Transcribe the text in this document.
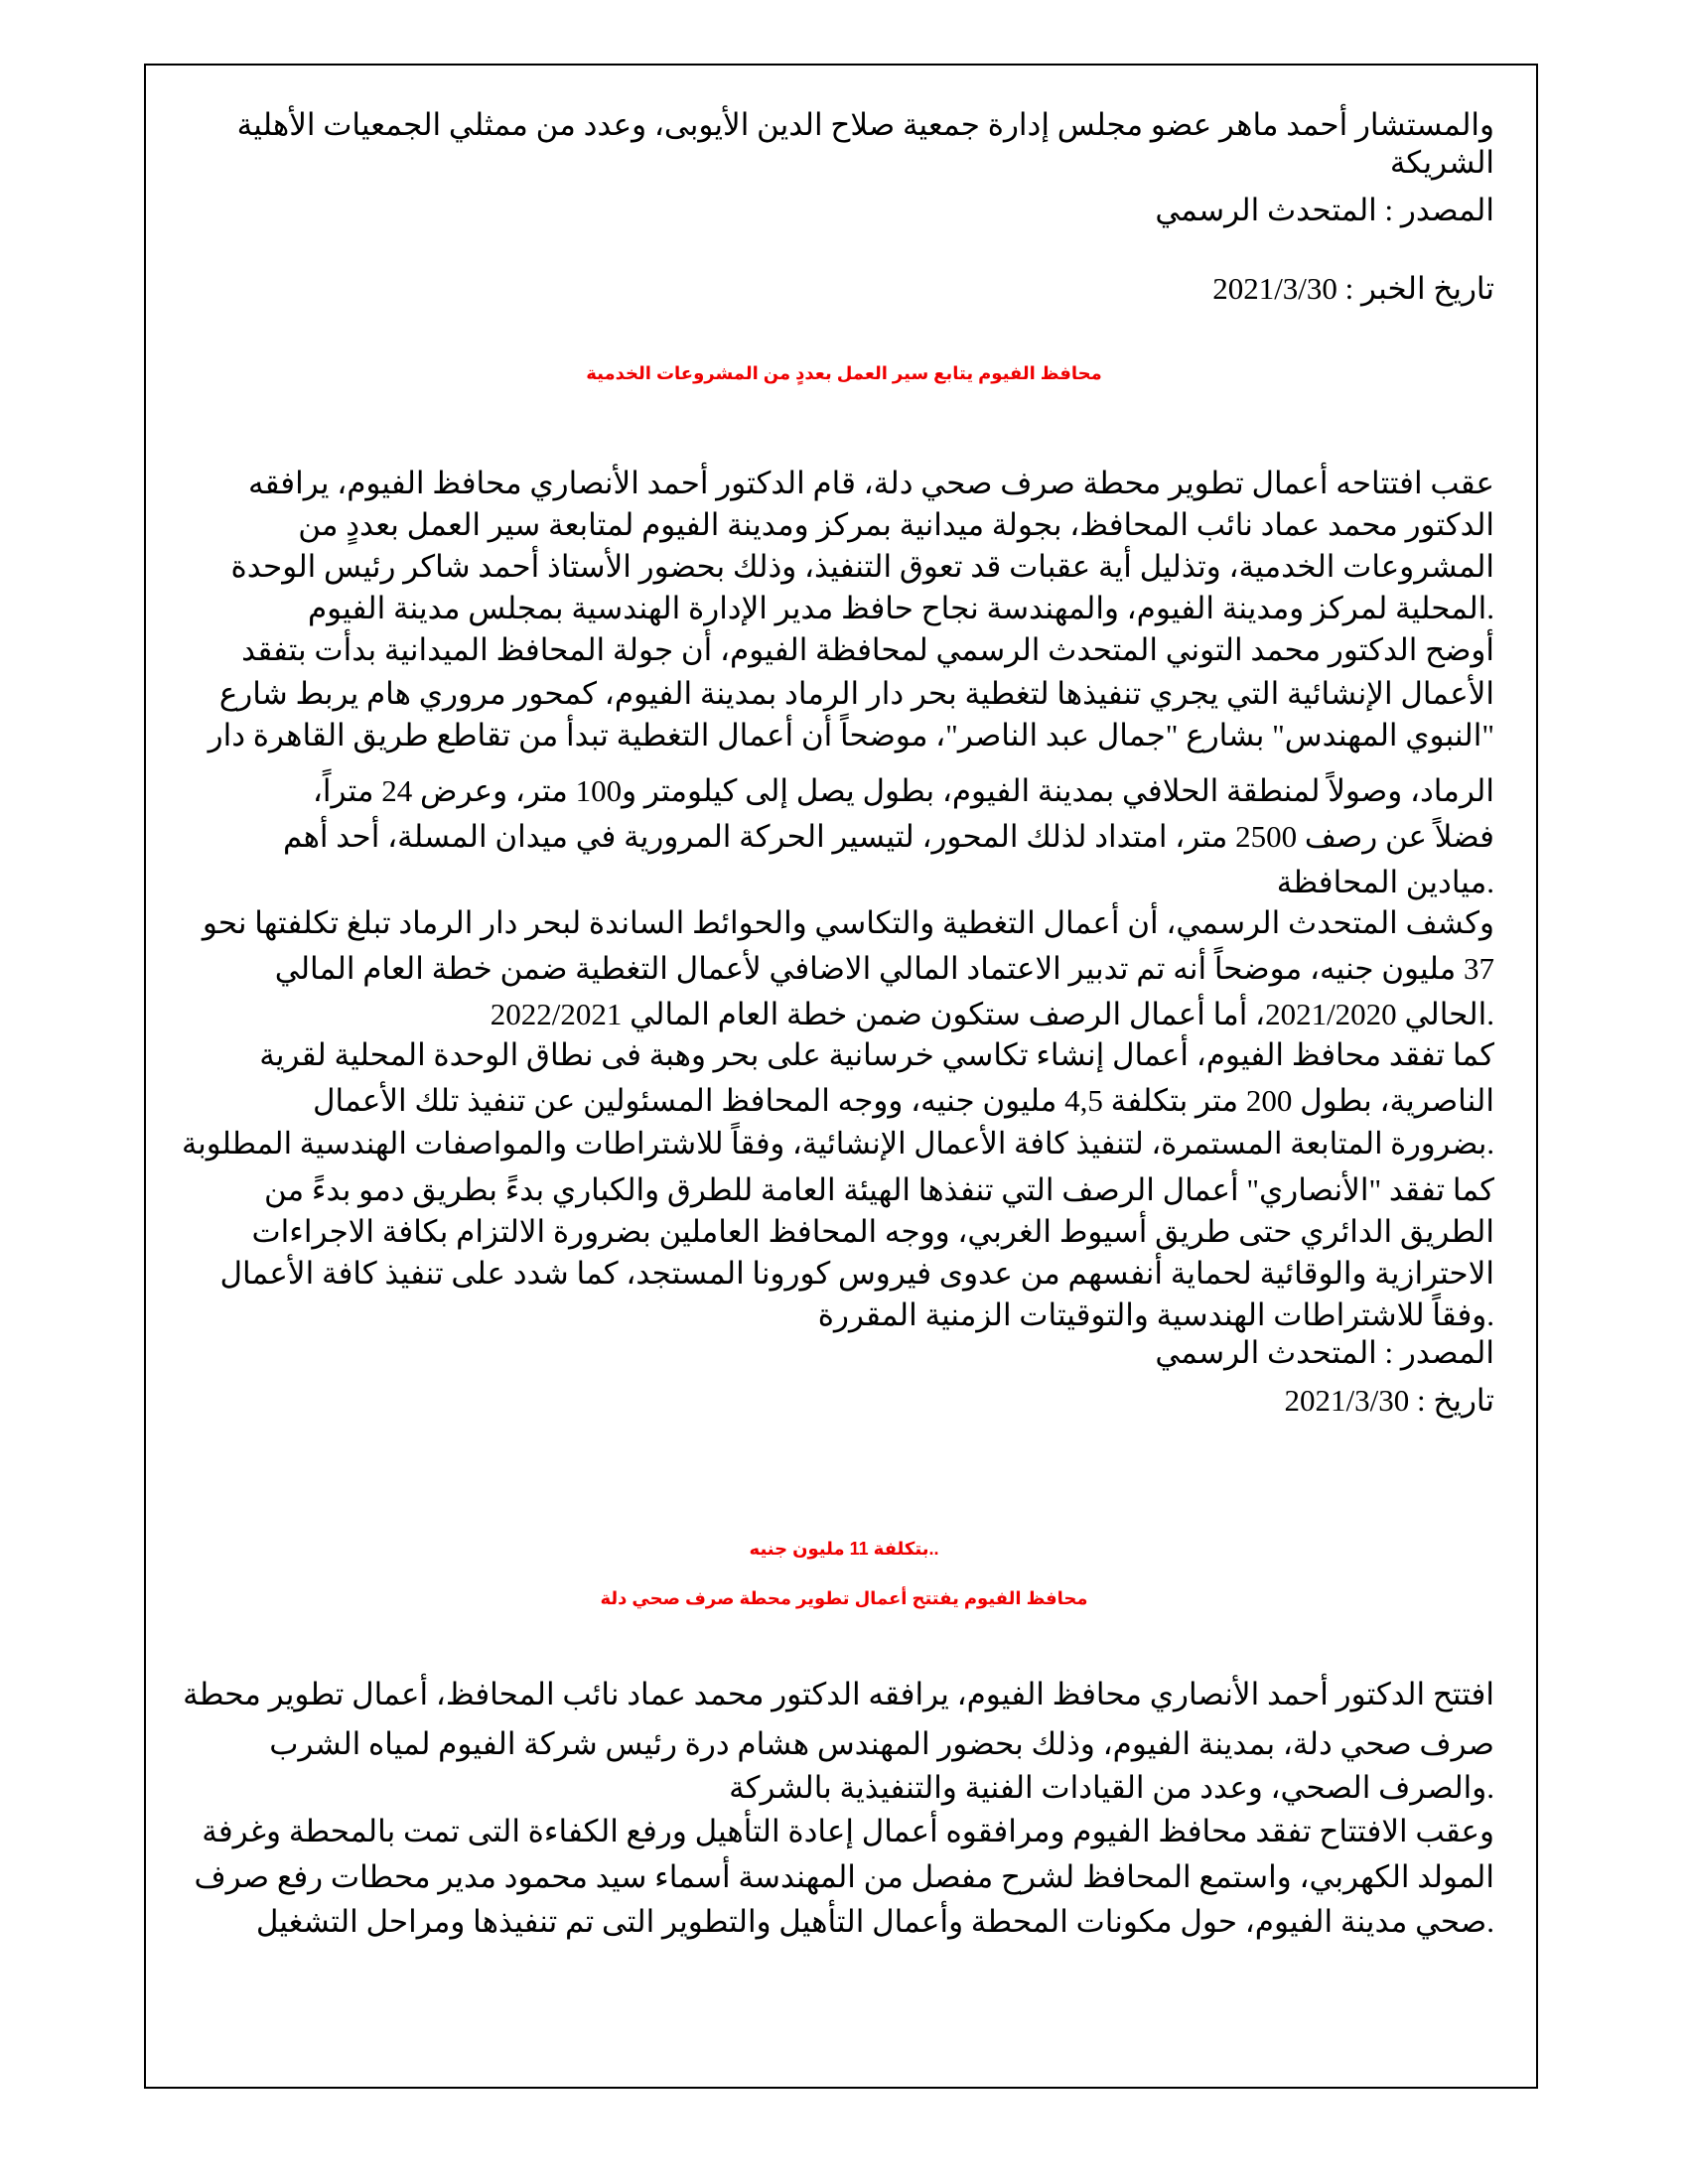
والمستشار أحمد ماهر عضو مجلس إدارة جمعية صلاح الدين الأيوبى، وعدد من ممثلي الجمعيات الأهلية

الشريكة

المصدر : المتحدث الرسمي

تاريخ الخبر : 2021/3/30

محافظ الفيوم يتابع سير العمل بعددٍ من المشروعات الخدمية

عقب افتتاحه أعمال تطوير محطة صرف صحي دلة، قام الدكتور أحمد الأنصاري محافظ الفيوم، يرافقه

الدكتور محمد عماد نائب المحافظ، بجولة ميدانية بمركز ومدينة الفيوم لمتابعة سير العمل بعددٍ من

المشروعات الخدمية، وتذليل أية عقبات قد تعوق التنفيذ، وذلك بحضور الأستاذ أحمد شاكر رئيس الوحدة

.المحلية لمركز ومدينة الفيوم، والمهندسة نجاح حافظ مدير الإدارة الهندسية بمجلس مدينة الفيوم

أوضح الدكتور محمد التوني المتحدث الرسمي لمحافظة الفيوم، أن جولة المحافظ الميدانية بدأت بتفقد

الأعمال الإنشائية التي يجري تنفيذها لتغطية بحر دار الرماد بمدينة الفيوم، كمحور مروري هام يربط شارع

"النبوي المهندس" بشارع "جمال عبد الناصر"، موضحاً أن أعمال التغطية تبدأ من تقاطع طريق القاهرة دار

الرماد، وصولاً لمنطقة الحلافي بمدينة الفيوم، بطول يصل إلى كيلومتر و100 متر، وعرض 24 متراً،

فضلاً عن رصف 2500 متر، امتداد لذلك المحور، لتيسير الحركة المرورية في ميدان المسلة، أحد أهم

.ميادين المحافظة

وكشف المتحدث الرسمي، أن أعمال التغطية والتكاسي والحوائط الساندة لبحر دار الرماد تبلغ تكلفتها نحو

37 مليون جنيه، موضحاً أنه تم تدبير الاعتماد المالي الاضافي لأعمال التغطية ضمن خطة العام المالي

.الحالي 2021/2020، أما أعمال الرصف ستكون ضمن خطة العام المالي 2022/2021

كما تفقد محافظ الفيوم، أعمال إنشاء تكاسي خرسانية على بحر وهبة فى نطاق الوحدة المحلية لقرية

الناصرية، بطول 200 متر بتكلفة 4,5 مليون جنيه، ووجه المحافظ المسئولين عن تنفيذ تلك الأعمال

.بضرورة المتابعة المستمرة، لتنفيذ كافة الأعمال الإنشائية، وفقاً للاشتراطات والمواصفات الهندسية المطلوبة

كما تفقد "الأنصاري" أعمال الرصف التي تنفذها الهيئة العامة للطرق والكباري بدءً بطريق دمو بدءً من

الطريق الدائري حتى طريق أسيوط الغربي، ووجه المحافظ العاملين بضرورة الالتزام بكافة الاجراءات

الاحترازية والوقائية لحماية أنفسهم من عدوى فيروس كورونا المستجد، كما شدد على تنفيذ كافة الأعمال

.وفقاً للاشتراطات الهندسية والتوقيتات الزمنية المقررة

المصدر : المتحدث الرسمي

تاريخ : 2021/3/30

..بتكلفة 11 مليون جنيه
محافظ الفيوم يفتتح أعمال تطوير محطة صرف صحي دلة

افتتح الدكتور أحمد الأنصاري محافظ الفيوم، يرافقه الدكتور محمد عماد نائب المحافظ، أعمال تطوير محطة

صرف صحي دلة، بمدينة الفيوم، وذلك بحضور المهندس هشام درة رئيس شركة الفيوم لمياه الشرب

.والصرف الصحي، وعدد من القيادات الفنية والتنفيذية بالشركة

وعقب الافتتاح تفقد محافظ الفيوم ومرافقوه أعمال إعادة التأهيل ورفع الكفاءة التى تمت بالمحطة وغرفة

المولد الكهربي، واستمع المحافظ لشرح مفصل من المهندسة أسماء سيد محمود مدير محطات رفع صرف

.صحي مدينة الفيوم، حول مكونات المحطة وأعمال التأهيل والتطوير التى تم تنفيذها ومراحل التشغيل
